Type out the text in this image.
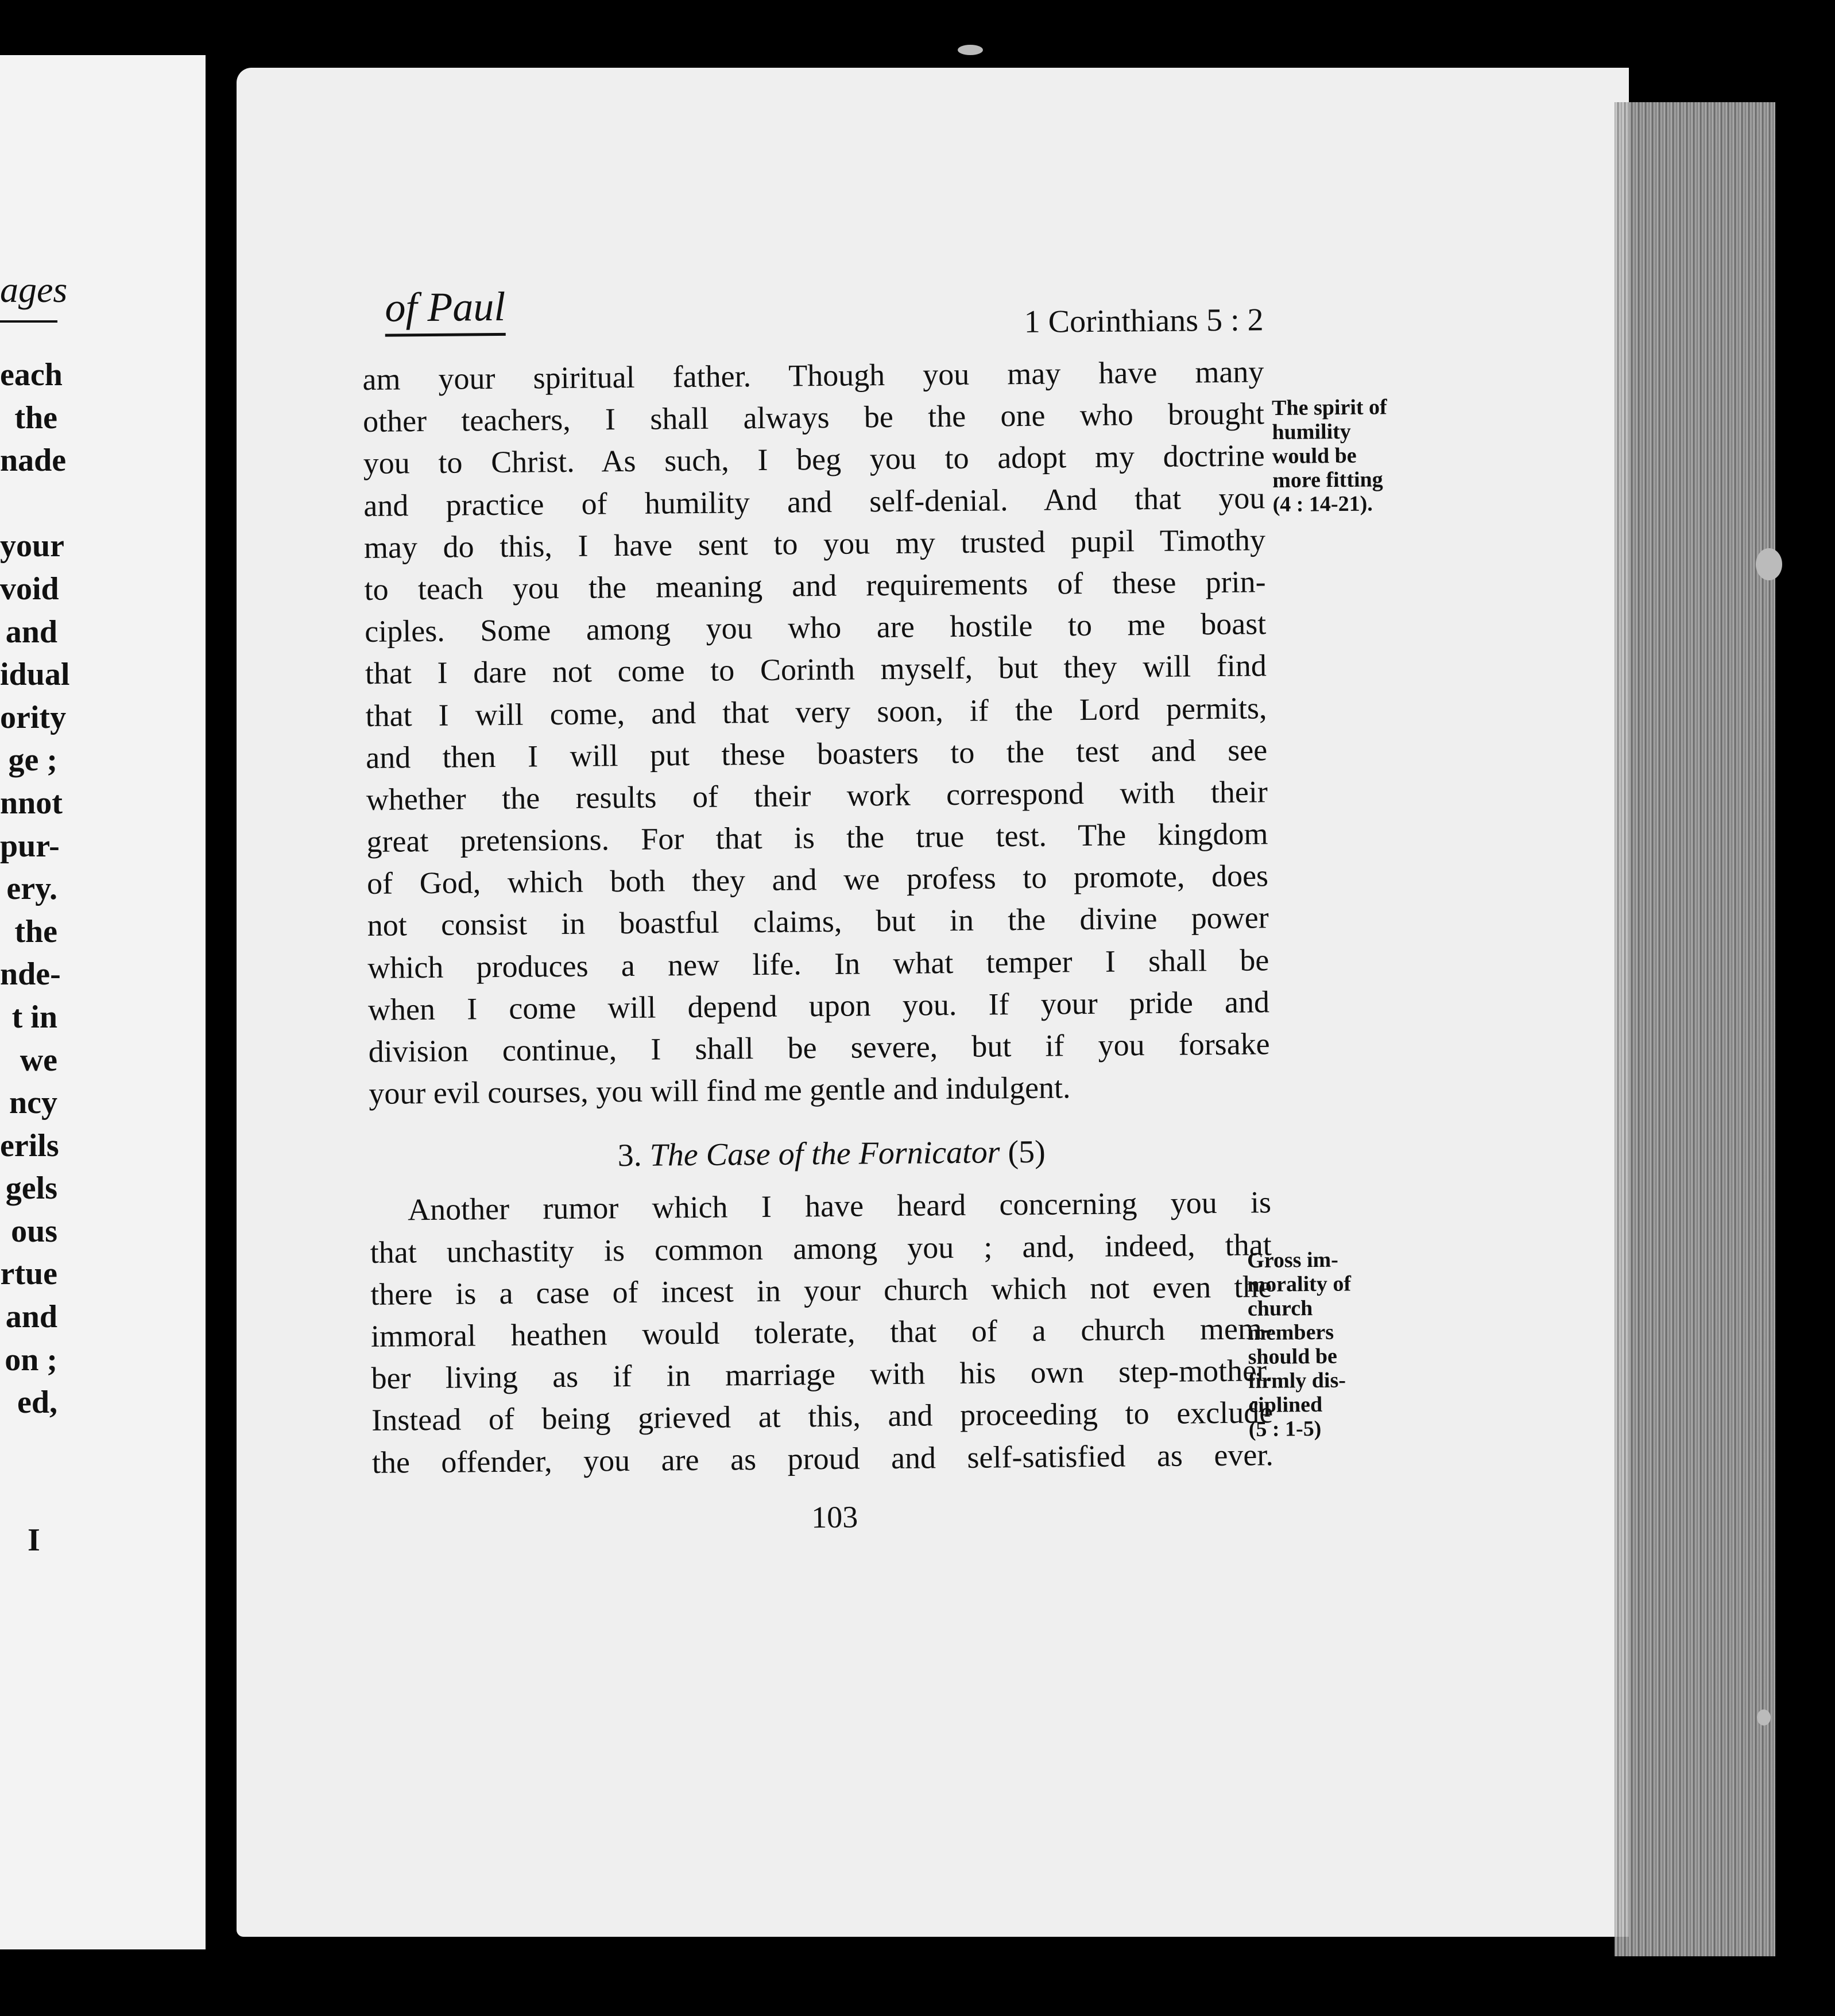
ages
each
the
nade
your
void
and
idual
ority
ge ;
nnot
pur-
ery.
the
nde-
t in
we
ncy
erils
gels
ous
rtue
and
on ;
ed,
I
of Paul	1 Corinthians 5 : 2
am your spiritual father. Though you may have many
other teachers, I shall always be the one who brought
you to Christ. As such, I beg you to adopt my doctrine
and practice of humility and self-denial. And that you
may do this, I have sent to you my trusted pupil Timothy
to teach you the meaning and requirements of these prin-
ciples. Some among you who are hostile to me boast
that I dare not come to Corinth myself, but they will find
that I will come, and that very soon, if the Lord permits,
and then I will put these boasters to the test and see
whether the results of their work correspond with their
great pretensions. For that is the true test. The kingdom
of God, which both they and we profess to promote, does
not consist in boastful claims, but in the divine power
which produces a new life. In what temper I shall be
when I come will depend upon you. If your pride and
division continue, I shall be severe, but if you forsake
your evil courses, you will find me gentle and indulgent.
3. The Case of the Fornicator (5)
Another rumor which I have heard concerning you is
that unchastity is common among you ; and, indeed, that
there is a case of incest in your church which not even the
immoral heathen would tolerate, that of a church mem-
ber living as if in marriage with his own step-mother.
Instead of being grieved at this, and proceeding to exclude
the offender, you are as proud and self-satisfied as ever.
103
The spirit of
humility
would be
more fitting
(4 : 14-21).
Gross im-
morality of
church
members
should be
firmly dis-
ciplined
(5 : 1-5)
